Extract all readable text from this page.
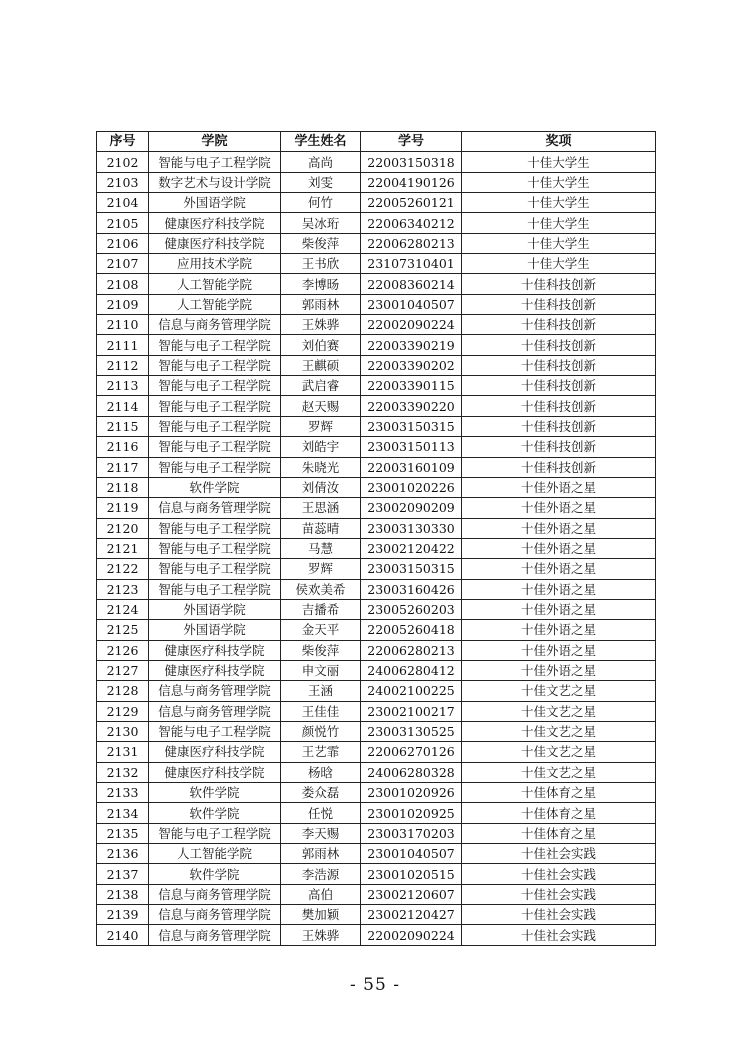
序号	学院	学生姓名	学号	奖项
2102	智能与电子工程学院	高尚	22003150318	十佳大学生
2103	数字艺术与设计学院	刘雯	22004190126	十佳大学生
2104	外国语学院	何竹	22005260121	十佳大学生
2105	健康医疗科技学院	吴冰珩	22006340212	十佳大学生
2106	健康医疗科技学院	柴俊萍	22006280213	十佳大学生
2107	应用技术学院	王书欣	23107310401	十佳大学生
2108	人工智能学院	李博旸	22008360214	十佳科技创新
2109	人工智能学院	郭雨林	23001040507	十佳科技创新
2110	信息与商务管理学院	王姝骅	22002090224	十佳科技创新
2111	智能与电子工程学院	刘伯赛	22003390219	十佳科技创新
2112	智能与电子工程学院	王麒硕	22003390202	十佳科技创新
2113	智能与电子工程学院	武启睿	22003390115	十佳科技创新
2114	智能与电子工程学院	赵天赐	22003390220	十佳科技创新
2115	智能与电子工程学院	罗辉	23003150315	十佳科技创新
2116	智能与电子工程学院	刘皓宇	23003150113	十佳科技创新
2117	智能与电子工程学院	朱晓光	22003160109	十佳科技创新
2118	软件学院	刘倩汝	23001020226	十佳外语之星
2119	信息与商务管理学院	王思涵	23002090209	十佳外语之星
2120	智能与电子工程学院	苗蕊晴	23003130330	十佳外语之星
2121	智能与电子工程学院	马慧	23002120422	十佳外语之星
2122	智能与电子工程学院	罗辉	23003150315	十佳外语之星
2123	智能与电子工程学院	侯欢美希	23003160426	十佳外语之星
2124	外国语学院	吉播希	23005260203	十佳外语之星
2125	外国语学院	金天平	22005260418	十佳外语之星
2126	健康医疗科技学院	柴俊萍	22006280213	十佳外语之星
2127	健康医疗科技学院	申文丽	24006280412	十佳外语之星
2128	信息与商务管理学院	王涵	24002100225	十佳文艺之星
2129	信息与商务管理学院	王佳佳	23002100217	十佳文艺之星
2130	智能与电子工程学院	颜悦竹	23003130525	十佳文艺之星
2131	健康医疗科技学院	王艺霏	22006270126	十佳文艺之星
2132	健康医疗科技学院	杨晗	24006280328	十佳文艺之星
2133	软件学院	娄众磊	23001020926	十佳体育之星
2134	软件学院	任悦	23001020925	十佳体育之星
2135	智能与电子工程学院	李天赐	23003170203	十佳体育之星
2136	人工智能学院	郭雨林	23001040507	十佳社会实践
2137	软件学院	李浩源	23001020515	十佳社会实践
2138	信息与商务管理学院	高伯	23002120607	十佳社会实践
2139	信息与商务管理学院	樊加颖	23002120427	十佳社会实践
2140	信息与商务管理学院	王姝骅	22002090224	十佳社会实践
- 55 -
